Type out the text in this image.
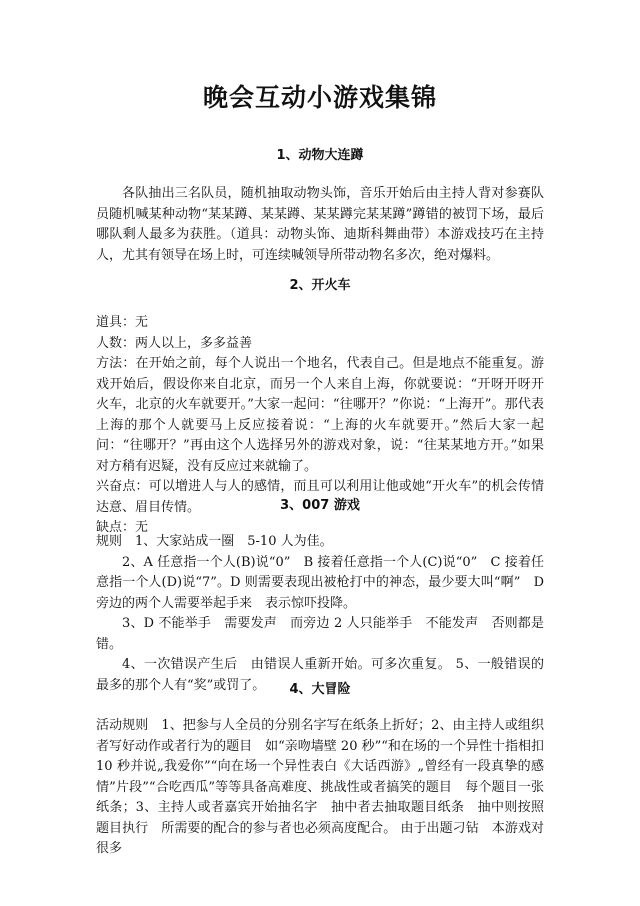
晚会互动小游戏集锦
1、动物大连蹲

各队抽出三名队员，随机抽取动物头饰，音乐开始后由主持人背对参赛队员随机喊某种动物“某某蹲、某某蹲、某某蹲完某某蹲”蹲错的被罚下场，最后哪队剩人最多为获胜。（道具：动物头饰、迪斯科舞曲带）本游戏技巧在主持人，尤其有领导在场上时，可连续喊领导所带动物名多次，绝对爆料。

2、开火车

道具：无

人数：两人以上，多多益善

方法：在开始之前，每个人说出一个地名，代表自己。但是地点不能重复。游戏开始后，假设你来自北京，而另一个人来自上海，你就要说：“开呀开呀开火车，北京的火车就要开。”大家一起问：“往哪开？”你说：“上海开”。那代表上海的那个人就要马上反应接着说：“上海的火车就要开。”然后大家一起问：“往哪开？”再由这个人选择另外的游戏对象，说：“往某某地方开。”如果对方稍有迟疑，没有反应过来就输了。

兴奋点：可以增进人与人的感情，而且可以利用让他或她“开火车”的机会传情达意、眉目传情。

缺点：无

3、007 游戏

规则　1、大家站成一圈　5-10 人为佳。

2、A 任意指一个人(B)说“0”　B 接着任意指一个人(C)说“0”　C 接着任意指一个人(D)说“7”。D 则需要表现出被枪打中的神态，最少要大叫“啊”　D 旁边的两个人需要举起手来　表示惊吓投降。

3、D 不能举手　需要发声　而旁边 2 人只能举手　不能发声　否则都是错。

4、一次错误产生后　由错误人重新开始。可多次重复。 5、一般错误的最多的那个人有“奖”或罚了。	4、大冒险

活动规则　1、把参与人全员的分别名字写在纸条上折好；2、由主持人或组织者写好动作或者行为的题目　如“亲吻墙壁 20 秒”“和在场的一个异性十指相扣 10 秒并说„我爱你”“向在场一个异性表白《大话西游》„曾经有一段真挚的感情”片段”“合吃西瓜”等等具备高难度、挑战性或者搞笑的题目　每个题目一张纸条；3、主持人或者嘉宾开始抽名字　抽中者去抽取题目纸条　抽中则按照题目执行　所需要的配合的参与者也必须高度配合。 由于出题刁钻　本游戏对很多
